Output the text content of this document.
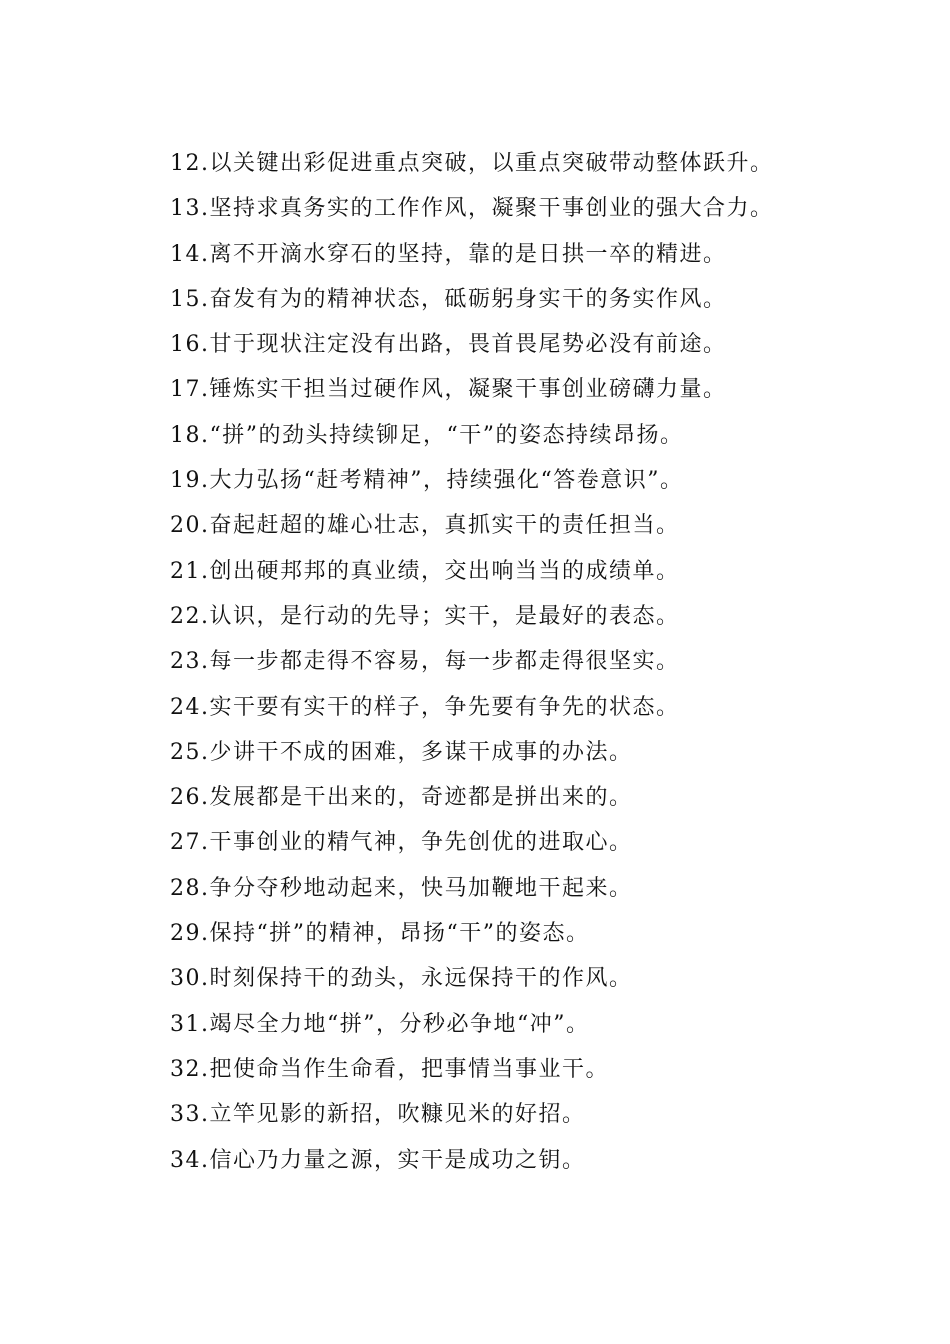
12.以关键出彩促进重点突破，以重点突破带动整体跃升。
13.坚持求真务实的工作作风，凝聚干事创业的强大合力。
14.离不开滴水穿石的坚持，靠的是日拱一卒的精进。
15.奋发有为的精神状态，砥砺躬身实干的务实作风。
16.甘于现状注定没有出路，畏首畏尾势必没有前途。
17.锤炼实干担当过硬作风，凝聚干事创业磅礴力量。
18.“拼”的劲头持续铆足，“干”的姿态持续昂扬。
19.大力弘扬“赶考精神”，持续强化“答卷意识”。
20.奋起赶超的雄心壮志，真抓实干的责任担当。
21.创出硬邦邦的真业绩，交出响当当的成绩单。
22.认识，是行动的先导；实干，是最好的表态。
23.每一步都走得不容易，每一步都走得很坚实。
24.实干要有实干的样子，争先要有争先的状态。
25.少讲干不成的困难，多谋干成事的办法。
26.发展都是干出来的，奇迹都是拼出来的。
27.干事创业的精气神，争先创优的进取心。
28.争分夺秒地动起来，快马加鞭地干起来。
29.保持“拼”的精神，昂扬“干”的姿态。
30.时刻保持干的劲头，永远保持干的作风。
31.竭尽全力地“拼”，分秒必争地“冲”。
32.把使命当作生命看，把事情当事业干。
33.立竿见影的新招，吹糠见米的好招。
34.信心乃力量之源，实干是成功之钥。
